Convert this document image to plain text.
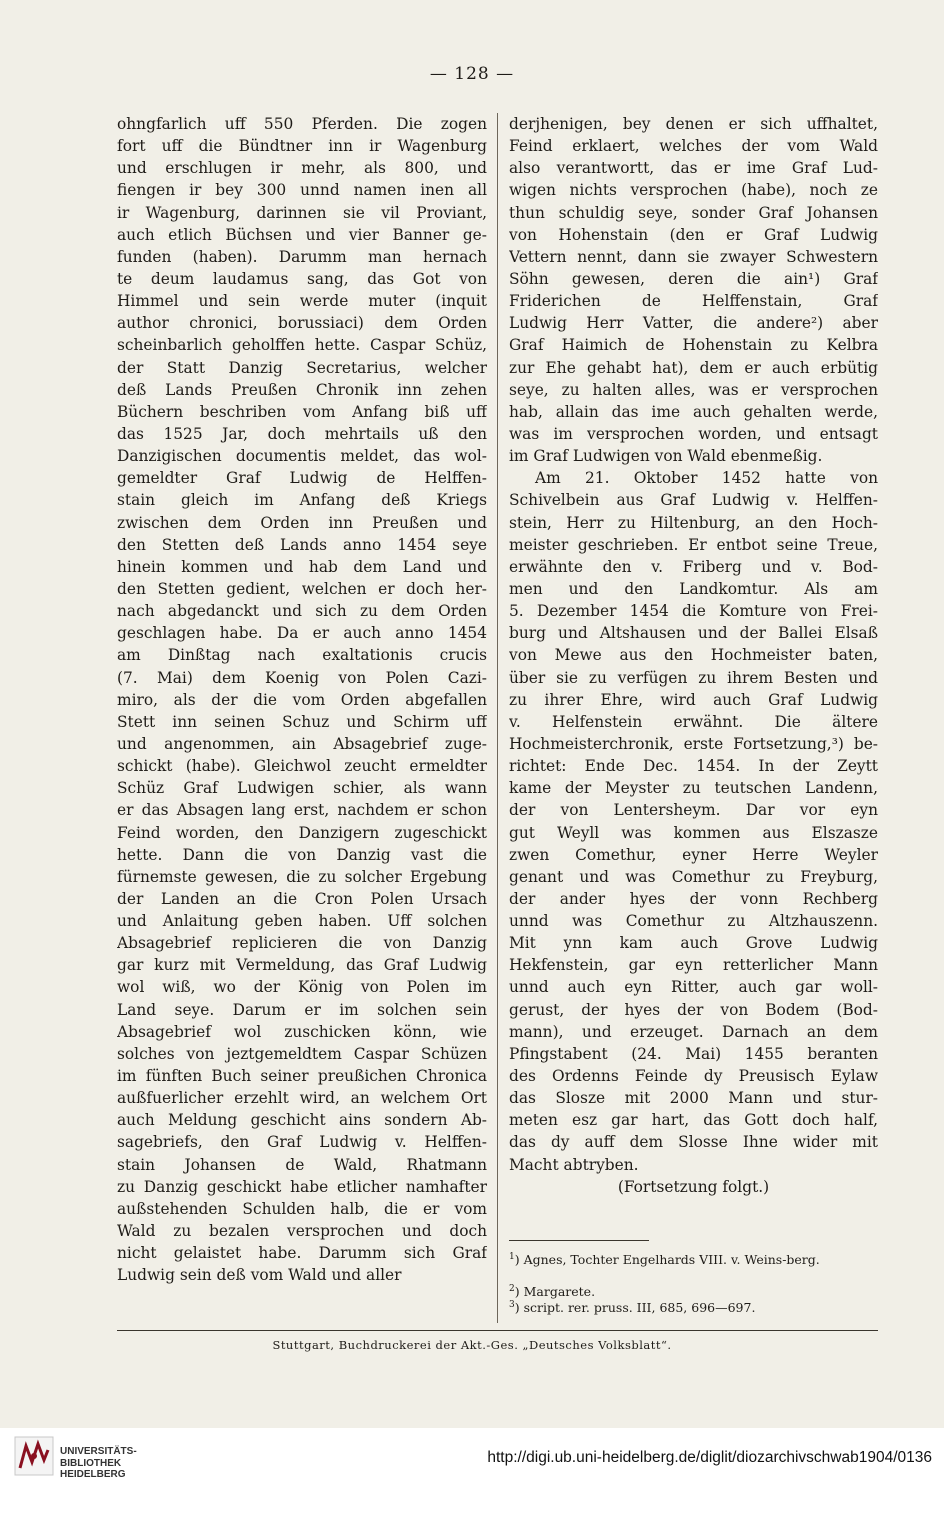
— 128 —
ohngfarlich uff 550 Pferden. Die zogen
fort uff die Bündtner inn ir Wagenburg
und erschlugen ir mehr, als 800, und
fiengen ir bey 300 unnd namen inen all
ir Wagenburg, darinnen sie vil Proviant,
auch etlich Büchsen und vier Banner ge-
funden (haben). Darumm man hernach
te deum laudamus sang, das Got von
Himmel und sein werde muter (inquit
author chronici, borussiaci) dem Orden
scheinbarlich geholffen hette. Caspar Schüz,
der Statt Danzig Secretarius, welcher
deß Lands Preußen Chronik inn zehen
Büchern beschriben vom Anfang biß uff
das 1525 Jar, doch mehrtails uß den
Danzigischen documentis meldet, das wol-
gemeldter Graf Ludwig de Helffen-
stain gleich im Anfang deß Kriegs
zwischen dem Orden inn Preußen und
den Stetten deß Lands anno 1454 seye
hinein kommen und hab dem Land und
den Stetten gedient, welchen er doch her-
nach abgedanckt und sich zu dem Orden
geschlagen habe. Da er auch anno 1454
am Dinßtag nach exaltationis crucis
(7. Mai) dem Koenig von Polen Cazi-
miro, als der die vom Orden abgefallen
Stett inn seinen Schuz und Schirm uff
und angenommen, ain Absagebrief zuge-
schickt (habe). Gleichwol zeucht ermeldter
Schüz Graf Ludwigen schier, als wann
er das Absagen lang erst, nachdem er schon
Feind worden, den Danzigern zugeschickt
hette. Dann die von Danzig vast die
fürnemste gewesen, die zu solcher Ergebung
der Landen an die Cron Polen Ursach
und Anlaitung geben haben. Uff solchen
Absagebrief replicieren die von Danzig
gar kurz mit Vermeldung, das Graf Ludwig
wol wiß, wo der König von Polen im
Land seye. Darum er im solchen sein
Absagebrief wol zuschicken könn, wie
solches von jeztgemeldtem Caspar Schüzen
im fünften Buch seiner preußichen Chronica
außfuerlicher erzehlt wird, an welchem Ort
auch Meldung geschicht ains sondern Ab-
sagebriefs, den Graf Ludwig v. Helffen-
stain Johansen de Wald, Rhatmann
zu Danzig geschickt habe etlicher namhafter
außstehenden Schulden halb, die er vom
Wald zu bezalen versprochen und doch
nicht gelaistet habe. Darumm sich Graf
Ludwig sein deß vom Wald und aller
derjhenigen, bey denen er sich uffhaltet,
Feind erklaert, welches der vom Wald
also verantwortt, das er ime Graf Lud-
wigen nichts versprochen (habe), noch ze
thun schuldig seye, sonder Graf Johansen
von Hohenstain (den er Graf Ludwig
Vettern nennt, dann sie zwayer Schwestern
Söhn gewesen, deren die ain¹) Graf
Friderichen de Helffenstain, Graf
Ludwig Herr Vatter, die andere²) aber
Graf Haimich de Hohenstain zu Kelbra
zur Ehe gehabt hat), dem er auch erbütig
seye, zu halten alles, was er versprochen
hab, allain das ime auch gehalten werde,
was im versprochen worden, und entsagt
im Graf Ludwigen von Wald ebenmeßig.
Am 21. Oktober 1452 hatte von
Schivelbein aus Graf Ludwig v. Helffen-
stein, Herr zu Hiltenburg, an den Hoch-
meister geschrieben. Er entbot seine Treue,
erwähnte den v. Friberg und v. Bod-
men und den Landkomtur. Als am
5. Dezember 1454 die Komture von Frei-
burg und Altshausen und der Ballei Elsaß
von Mewe aus den Hochmeister baten,
über sie zu verfügen zu ihrem Besten und
zu ihrer Ehre, wird auch Graf Ludwig
v. Helfenstein erwähnt. Die ältere
Hochmeisterchronik, erste Fortsetzung,³) be-
richtet: Ende Dec. 1454. In der Zeytt
kame der Meyster zu teutschen Landenn,
der von Lentersheym. Dar vor eyn
gut Weyll was kommen aus Elszasze
zwen Comethur, eyner Herre Weyler
genant und was Comethur zu Freyburg,
der ander hyes der vonn Rechberg
unnd was Comethur zu Altzhauszenn.
Mit ynn kam auch Grove Ludwig
Hekfenstein, gar eyn retterlicher Mann
unnd auch eyn Ritter, auch gar woll-
gerust, der hyes der von Bodem (Bod-
mann), und erzeuget. Darnach an dem
Pfingstabent (24. Mai) 1455 beranten
des Ordenns Feinde dy Preusisch Eylaw
das Slosze mit 2000 Mann und stur-
meten esz gar hart, das Gott doch half,
das dy auff dem Slosse Ihne wider mit
Macht abtryben.
(Fortsetzung folgt.)
$^1$) Agnes, Tochter Engelhards VIII. v. Weins-berg.
$^2$) Margarete.
$^3$) script. rer. pruss. III, 685, 696—697.
Stuttgart, Buchdruckerei der Akt.-Ges. „Deutsches Volksblatt“.
UNIVERSITÄTS-
BIBLIOTHEK
HEIDELBERG
http://digi.ub.uni-heidelberg.de/diglit/diozarchivschwab1904/0136
